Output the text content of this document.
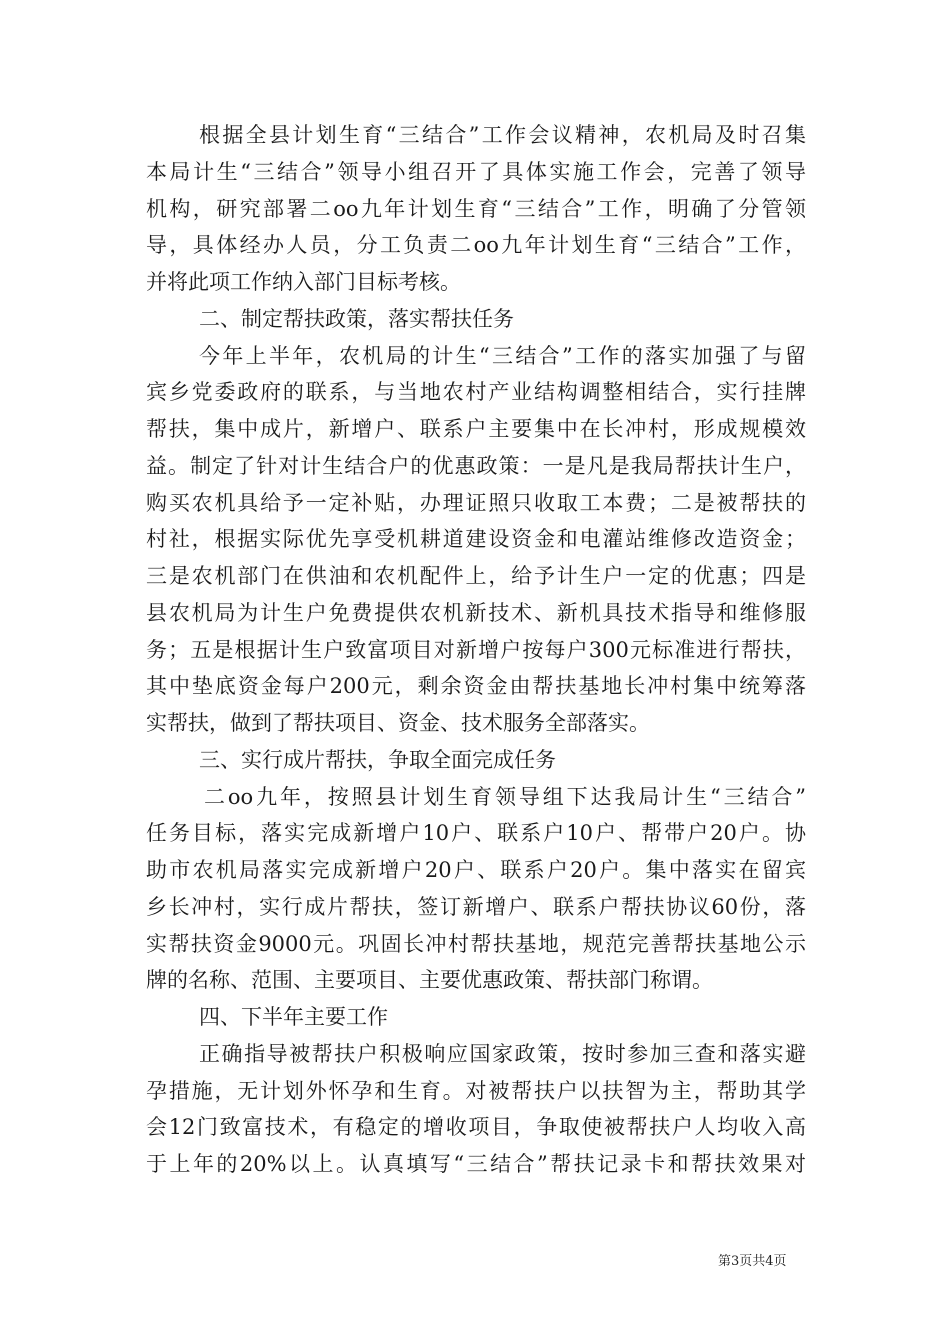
根据全县计划生育“三结合”工作会议精神，农机局及时召集
本局计生“三结合”领导小组召开了具体实施工作会，完善了领导
机构，研究部署二oo九年计划生育“三结合”工作，明确了分管领
导，具体经办人员，分工负责二oo九年计划生育“三结合”工作，
并将此项工作纳入部门目标考核。
二、制定帮扶政策，落实帮扶任务
今年上半年，农机局的计生“三结合”工作的落实加强了与留
宾乡党委政府的联系，与当地农村产业结构调整相结合，实行挂牌
帮扶，集中成片，新增户、联系户主要集中在长冲村，形成规模效
益。制定了针对计生结合户的优惠政策：一是凡是我局帮扶计生户，
购买农机具给予一定补贴，办理证照只收取工本费；二是被帮扶的
村社，根据实际优先享受机耕道建设资金和电灌站维修改造资金；
三是农机部门在供油和农机配件上，给予计生户一定的优惠；四是
县农机局为计生户免费提供农机新技术、新机具技术指导和维修服
务；五是根据计生户致富项目对新增户按每户300元标准进行帮扶，
其中垫底资金每户200元，剩余资金由帮扶基地长冲村集中统筹落
实帮扶，做到了帮扶项目、资金、技术服务全部落实。
三、实行成片帮扶，争取全面完成任务
二oo九年，按照县计划生育领导组下达我局计生“三结合”
任务目标，落实完成新增户10户、联系户10户、帮带户20户。协
助市农机局落实完成新增户20户、联系户20户。集中落实在留宾
乡长冲村，实行成片帮扶，签订新增户、联系户帮扶协议60份，落
实帮扶资金9000元。巩固长冲村帮扶基地，规范完善帮扶基地公示
牌的名称、范围、主要项目、主要优惠政策、帮扶部门称谓。
四、下半年主要工作
正确指导被帮扶户积极响应国家政策，按时参加三查和落实避
孕措施，无计划外怀孕和生育。对被帮扶户以扶智为主，帮助其学
会12门致富技术，有稳定的增收项目，争取使被帮扶户人均收入高
于上年的20%以上。认真填写“三结合”帮扶记录卡和帮扶效果对
第3页共4页
